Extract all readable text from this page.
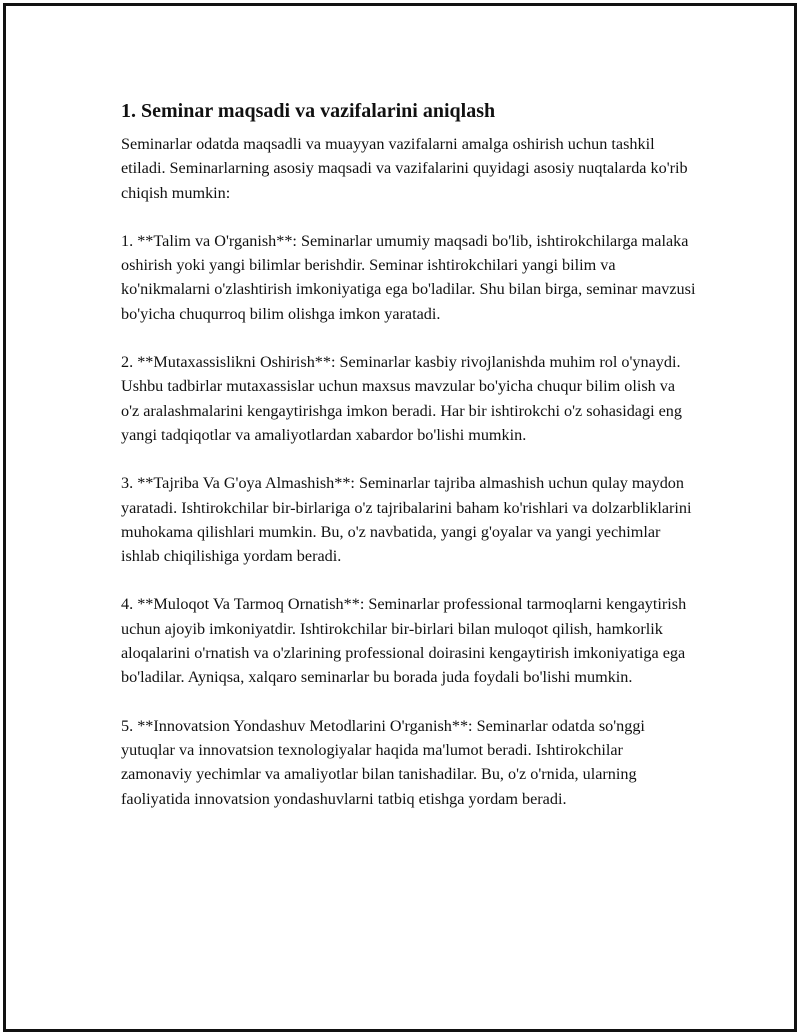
1. Seminar maqsadi va vazifalarini aniqlash

Seminarlar odatda maqsadli va muayyan vazifalarni amalga oshirish uchun tashkil etiladi. Seminarlarning asosiy maqsadi va vazifalarini quyidagi asosiy nuqtalarda ko'rib chiqish mumkin:

1. **Talim va O'rganish**: Seminarlar umumiy maqsadi bo'lib, ishtirokchilarga malaka oshirish yoki yangi bilimlar berishdir. Seminar ishtirokchilari yangi bilim va ko'nikmalarni o'zlashtirish imkoniyatiga ega bo'ladilar. Shu bilan birga, seminar mavzusi bo'yicha chuqurroq bilim olishga imkon yaratadi.

2. **Mutaxassislikni Oshirish**: Seminarlar kasbiy rivojlanishda muhim rol o'ynaydi. Ushbu tadbirlar mutaxassislar uchun maxsus mavzular bo'yicha chuqur bilim olish va o'z aralashmalarini kengaytirishga imkon beradi. Har bir ishtirokchi o'z sohasidagi eng yangi tadqiqotlar va amaliyotlardan xabardor bo'lishi mumkin.

3. **Tajriba Va G'oya Almashish**: Seminarlar tajriba almashish uchun qulay maydon yaratadi. Ishtirokchilar bir-birlariga o'z tajribalarini baham ko'rishlari va dolzarbliklarini muhokama qilishlari mumkin. Bu, o'z navbatida, yangi g'oyalar va yangi yechimlar ishlab chiqilishiga yordam beradi.

4. **Muloqot Va Tarmoq Ornatish**: Seminarlar professional tarmoqlarni kengaytirish uchun ajoyib imkoniyatdir. Ishtirokchilar bir-birlari bilan muloqot qilish, hamkorlik aloqalarini o'rnatish va o'zlarining professional doirasini kengaytirish imkoniyatiga ega bo'ladilar. Ayniqsa, xalqaro seminarlar bu borada juda foydali bo'lishi mumkin.

5. **Innovatsion Yondashuv Metodlarini O'rganish**: Seminarlar odatda so'nggi yutuqlar va innovatsion texnologiyalar haqida ma'lumot beradi. Ishtirokchilar zamonaviy yechimlar va amaliyotlar bilan tanishadilar. Bu, o'z o'rnida, ularning faoliyatida innovatsion yondashuvlarni tatbiq etishga yordam beradi.
